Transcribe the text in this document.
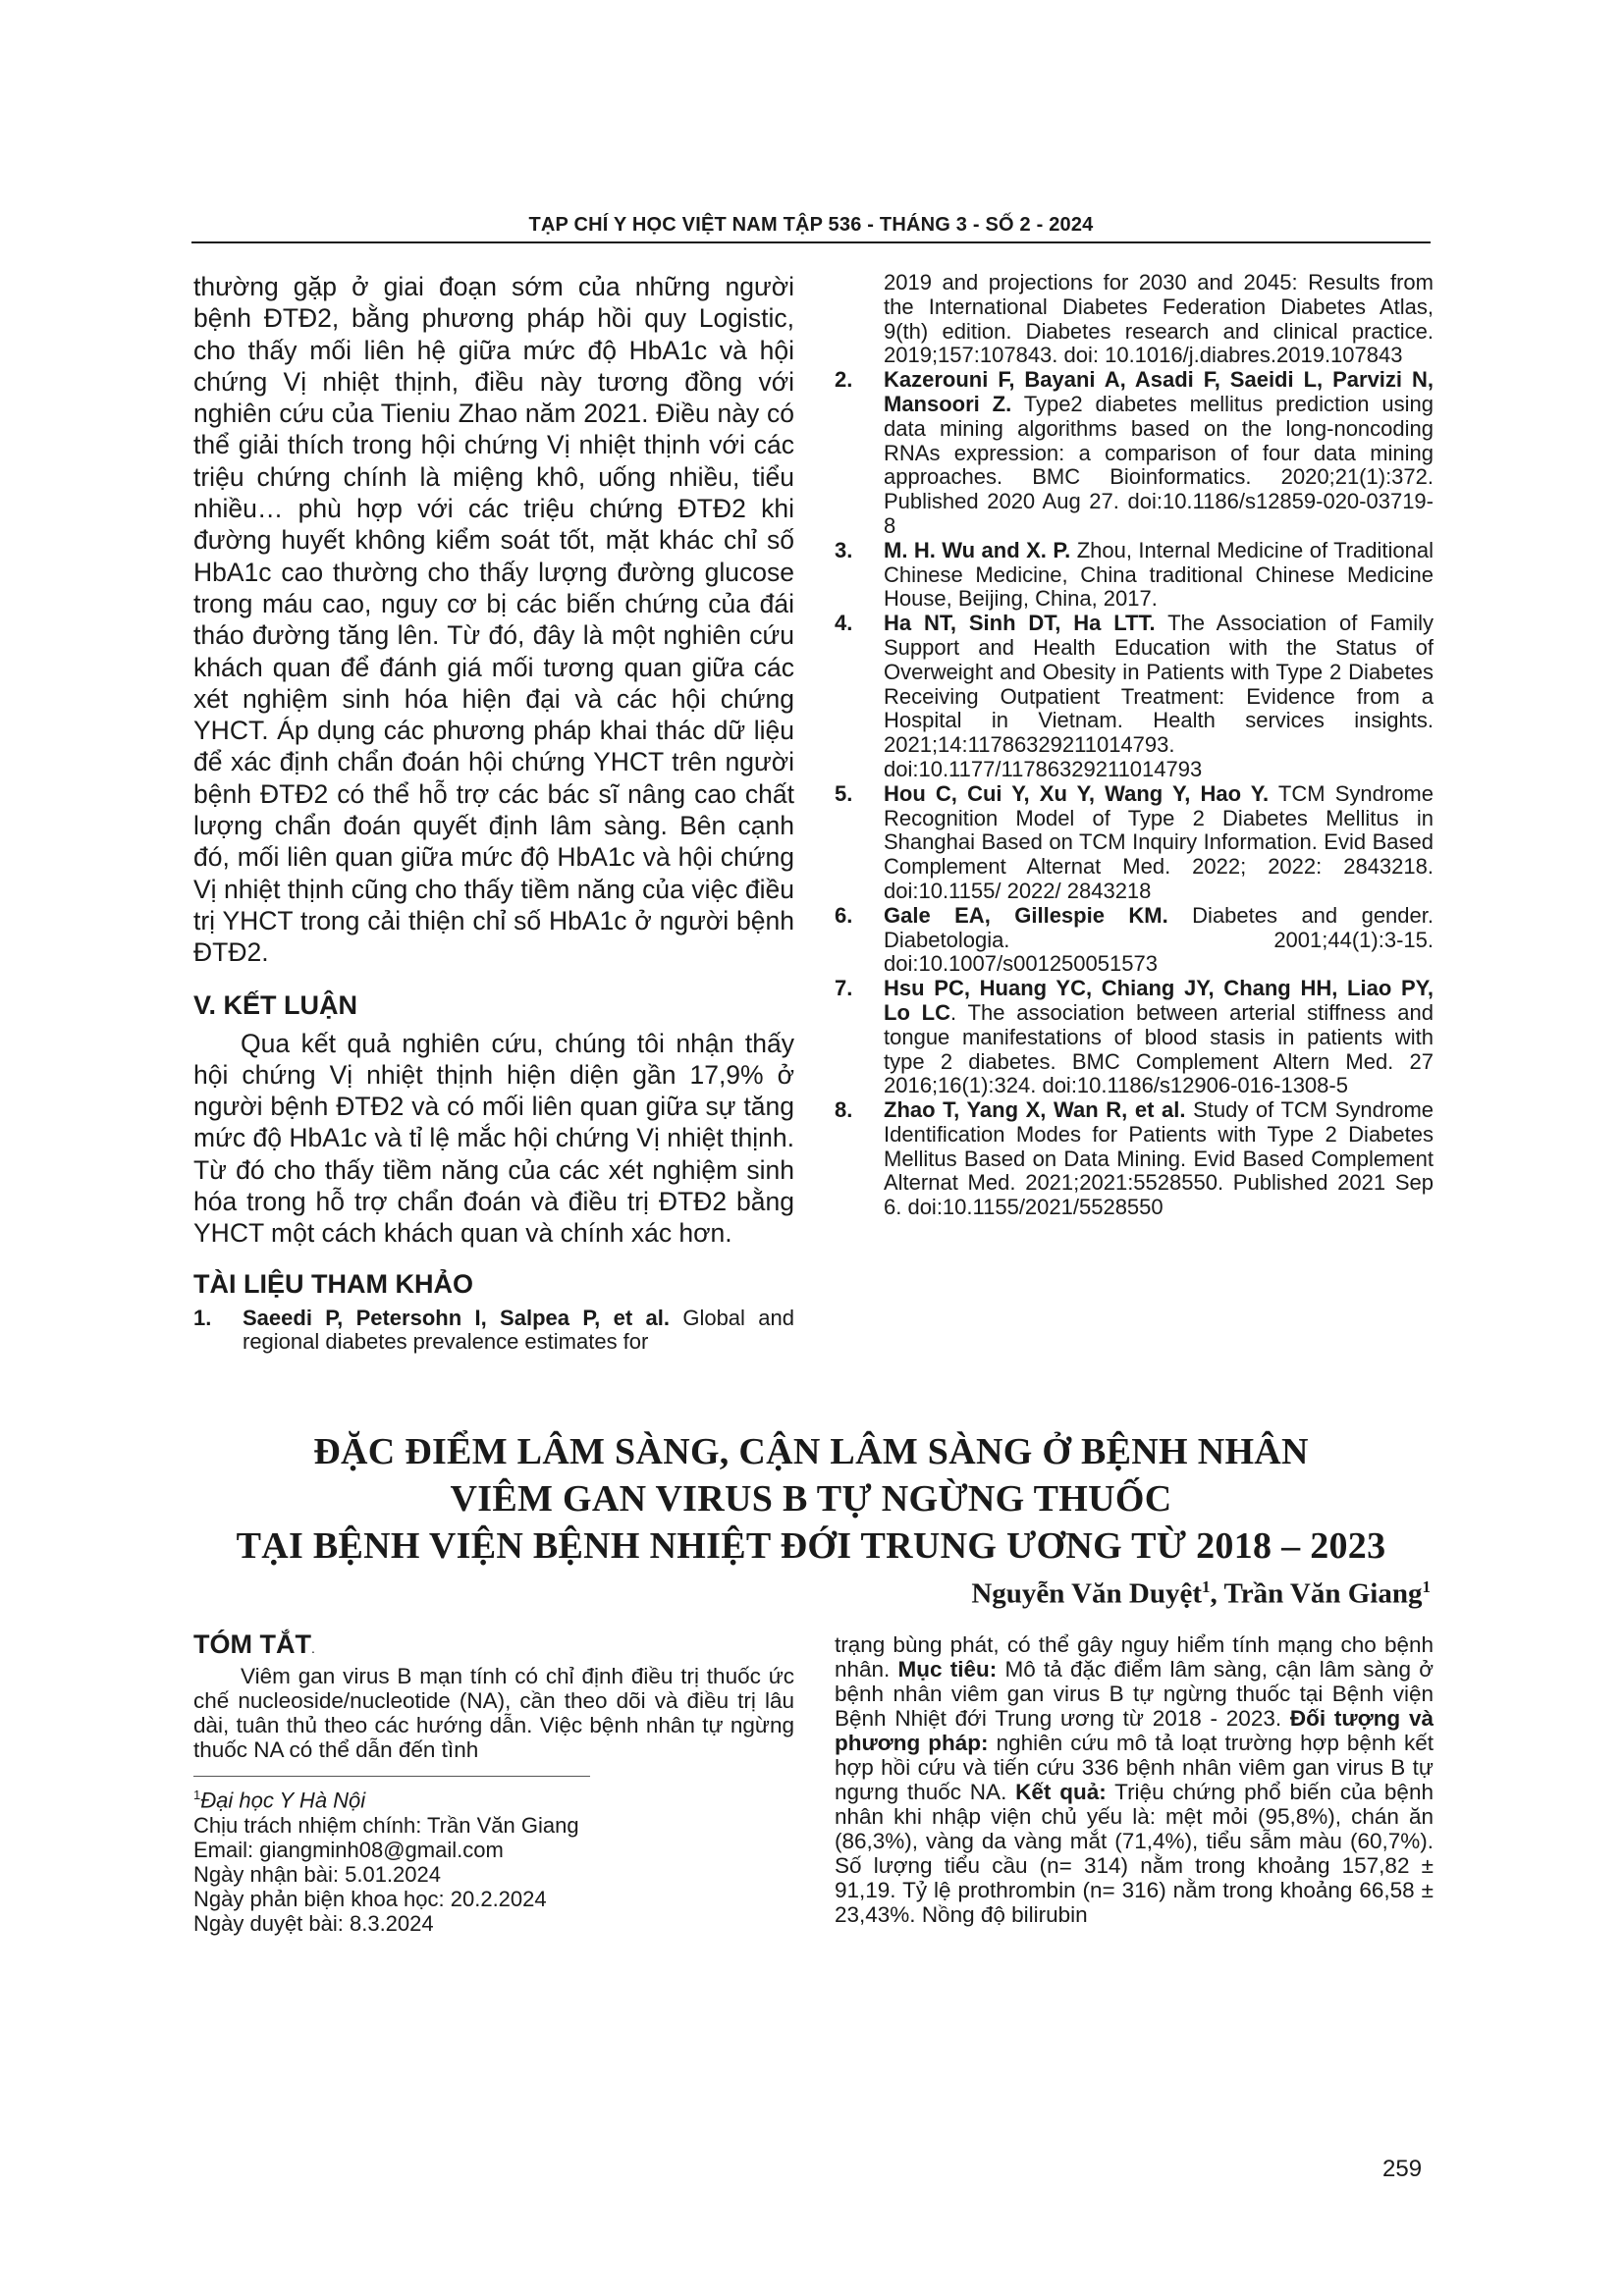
TẠP CHÍ Y HỌC VIỆT NAM TẬP 536 - THÁNG 3 - SỐ 2 - 2024

thường gặp ở giai đoạn sớm của những người bệnh ĐTĐ2, bằng phương pháp hồi quy Logistic, cho thấy mối liên hệ giữa mức độ HbA1c và hội chứng Vị nhiệt thịnh, điều này tương đồng với nghiên cứu của Tieniu Zhao năm 2021. Điều này có thể giải thích trong hội chứng Vị nhiệt thịnh với các triệu chứng chính là miệng khô, uống nhiều, tiểu nhiều… phù hợp với các triệu chứng ĐTĐ2 khi đường huyết không kiểm soát tốt, mặt khác chỉ số HbA1c cao thường cho thấy lượng đường glucose trong máu cao, nguy cơ bị các biến chứng của đái tháo đường tăng lên. Từ đó, đây là một nghiên cứu khách quan để đánh giá mối tương quan giữa các xét nghiệm sinh hóa hiện đại và các hội chứng YHCT. Áp dụng các phương pháp khai thác dữ liệu để xác định chẩn đoán hội chứng YHCT trên người bệnh ĐTĐ2 có thể hỗ trợ các bác sĩ nâng cao chất lượng chẩn đoán quyết định lâm sàng. Bên cạnh đó, mối liên quan giữa mức độ HbA1c và hội chứng Vị nhiệt thịnh cũng cho thấy tiềm năng của việc điều trị YHCT trong cải thiện chỉ số HbA1c ở người bệnh ĐTĐ2.

V. KẾT LUẬN

Qua kết quả nghiên cứu, chúng tôi nhận thấy hội chứng Vị nhiệt thịnh hiện diện gần 17,9% ở người bệnh ĐTĐ2 và có mối liên quan giữa sự tăng mức độ HbA1c và tỉ lệ mắc hội chứng Vị nhiệt thịnh. Từ đó cho thấy tiềm năng của các xét nghiệm sinh hóa trong hỗ trợ chẩn đoán và điều trị ĐTĐ2 bằng YHCT một cách khách quan và chính xác hơn.

TÀI LIỆU THAM KHẢO
1.	Saeedi P, Petersohn I, Salpea P, et al. Global and regional diabetes prevalence estimates for
2019 and projections for 2030 and 2045: Results from the International Diabetes Federation Diabetes Atlas, 9(th) edition. Diabetes research and clinical practice. 2019;157:107843. doi: 10.1016/j.diabres.2019.107843
2.	Kazerouni F, Bayani A, Asadi F, Saeidi L, Parvizi N, Mansoori Z. Type2 diabetes mellitus prediction using data mining algorithms based on the long-noncoding RNAs expression: a comparison of four data mining approaches. BMC Bioinformatics. 2020;21(1):372. Published 2020 Aug 27. doi:10.1186/s12859-020-03719-8
3.	M. H. Wu and X. P. Zhou, Internal Medicine of Traditional Chinese Medicine, China traditional Chinese Medicine House, Beijing, China, 2017.
4.	Ha NT, Sinh DT, Ha LTT. The Association of Family Support and Health Education with the Status of Overweight and Obesity in Patients with Type 2 Diabetes Receiving Outpatient Treatment: Evidence from a Hospital in Vietnam. Health services insights. 2021;14:11786329211014793. doi:10.1177/11786329211014793
5.	Hou C, Cui Y, Xu Y, Wang Y, Hao Y. TCM Syndrome Recognition Model of Type 2 Diabetes Mellitus in Shanghai Based on TCM Inquiry Information. Evid Based Complement Alternat Med. 2022; 2022: 2843218. doi:10.1155/ 2022/ 2843218
6.	Gale EA, Gillespie KM. Diabetes and gender. Diabetologia. 2001;44(1):3-15. doi:10.1007/s001250051573
7.	Hsu PC, Huang YC, Chiang JY, Chang HH, Liao PY, Lo LC. The association between arterial stiffness and tongue manifestations of blood stasis in patients with type 2 diabetes. BMC Complement Altern Med. 27 2016;16(1):324. doi:10.1186/s12906-016-1308-5
8.	Zhao T, Yang X, Wan R, et al. Study of TCM Syndrome Identification Modes for Patients with Type 2 Diabetes Mellitus Based on Data Mining. Evid Based Complement Alternat Med. 2021;2021:5528550. Published 2021 Sep 6. doi:10.1155/2021/5528550
ĐẶC ĐIỂM LÂM SÀNG, CẬN LÂM SÀNG Ở BỆNH NHÂN
VIÊM GAN VIRUS B TỰ NGỪNG THUỐC
TẠI BỆNH VIỆN BỆNH NHIỆT ĐỚI TRUNG ƯƠNG TỪ 2018 – 2023
Nguyễn Văn Duyệt$^1$, Trần Văn Giang$^1$
TÓM TẮT.

Viêm gan virus B mạn tính có chỉ định điều trị thuốc ức chế nucleoside/nucleotide (NA), cần theo dõi và điều trị lâu dài, tuân thủ theo các hướng dẫn. Việc bệnh nhân tự ngừng thuốc NA có thể dẫn đến tình

$^1$Đại học Y Hà Nội
Chịu trách nhiệm chính: Trần Văn Giang
Email: giangminh08@gmail.com
Ngày nhận bài: 5.01.2024
Ngày phản biện khoa học: 20.2.2024
Ngày duyệt bài: 8.3.2024

trạng bùng phát, có thể gây nguy hiểm tính mạng cho bệnh nhân. Mục tiêu: Mô tả đặc điểm lâm sàng, cận lâm sàng ở bệnh nhân viêm gan virus B tự ngừng thuốc tại Bệnh viện Bệnh Nhiệt đới Trung ương từ 2018 - 2023. Đối tượng và phương pháp: nghiên cứu mô tả loạt trường hợp bệnh kết hợp hồi cứu và tiến cứu 336 bệnh nhân viêm gan virus B tự ngưng thuốc NA. Kết quả: Triệu chứng phổ biến của bệnh nhân khi nhập viện chủ yếu là: mệt mỏi (95,8%), chán ăn (86,3%), vàng da vàng mắt (71,4%), tiểu sẫm màu (60,7%). Số lượng tiểu cầu (n= 314) nằm trong khoảng 157,82 ± 91,19. Tỷ lệ prothrombin (n= 316) nằm trong khoảng 66,58 ± 23,43%. Nồng độ bilirubin

259
